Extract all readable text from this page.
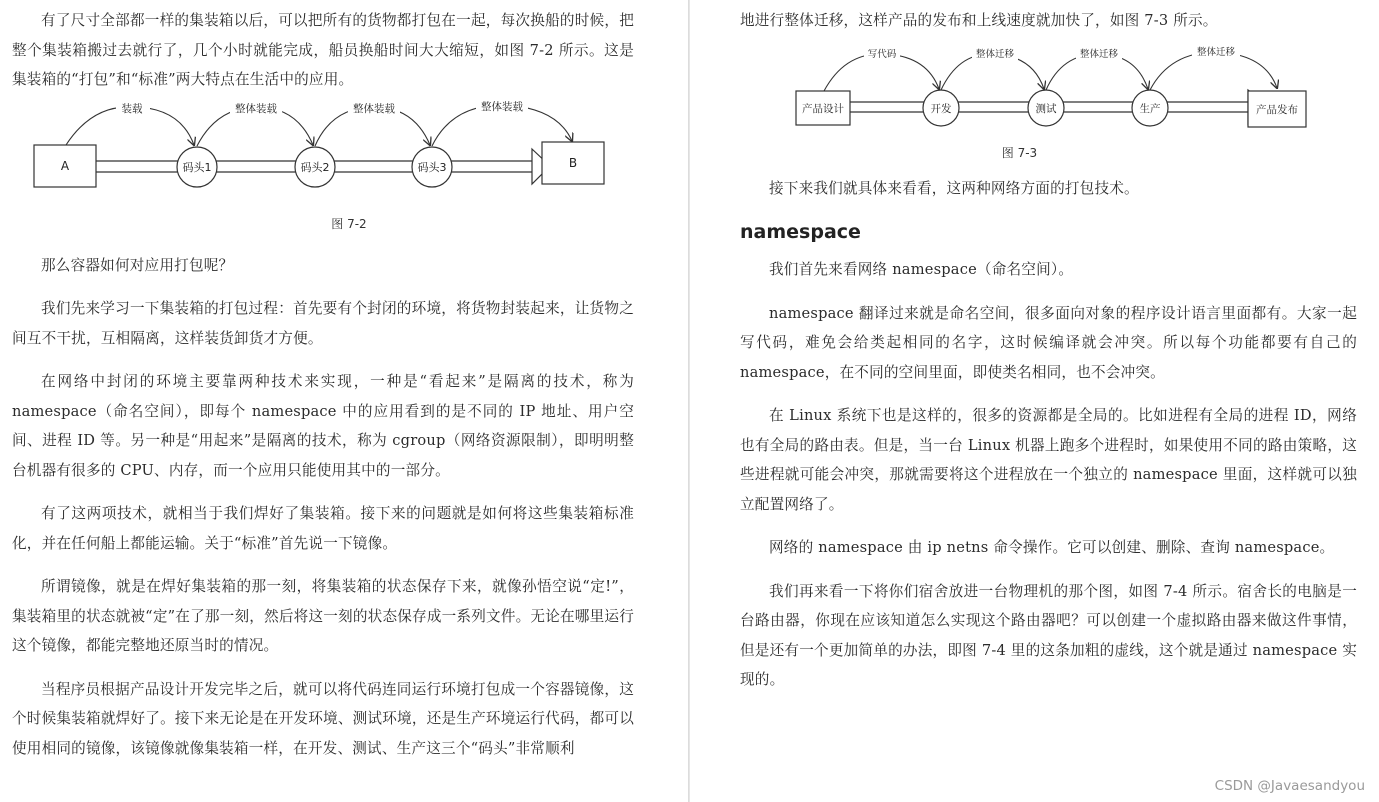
有了尺寸全部都一样的集装箱以后，可以把所有的货物都打包在一起，每次换船的时候，把整个集装箱搬过去就行了，几个小时就能完成，船员换船时间大大缩短，如图 7-2 所示。这是集装箱的“打包”和“标准”两大特点在生活中的应用。

A	B
码头1	码头2	码头3
装载	整体装载	整体装载	整体装载
图 7-2

那么容器如何对应用打包呢？

我们先来学习一下集装箱的打包过程：首先要有个封闭的环境，将货物封装起来，让货物之间互不干扰，互相隔离，这样装货卸货才方便。

在网络中封闭的环境主要靠两种技术来实现，一种是“看起来”是隔离的技术，称为 namespace（命名空间），即每个 namespace 中的应用看到的是不同的 IP 地址、用户空间、进程 ID 等。另一种是“用起来”是隔离的技术，称为 cgroup（网络资源限制），即明明整台机器有很多的 CPU、内存，而一个应用只能使用其中的一部分。

有了这两项技术，就相当于我们焊好了集装箱。接下来的问题就是如何将这些集装箱标准化，并在任何船上都能运输。关于“标准”首先说一下镜像。

所谓镜像，就是在焊好集装箱的那一刻，将集装箱的状态保存下来，就像孙悟空说“定!”，集装箱里的状态就被“定”在了那一刻，然后将这一刻的状态保存成一系列文件。无论在哪里运行这个镜像，都能完整地还原当时的情况。

当程序员根据产品设计开发完毕之后，就可以将代码连同运行环境打包成一个容器镜像，这个时候集装箱就焊好了。接下来无论是在开发环境、测试环境，还是生产环境运行代码，都可以使用相同的镜像，该镜像就像集装箱一样，在开发、测试、生产这三个“码头”非常顺利

地进行整体迁移，这样产品的发布和上线速度就加快了，如图 7-3 所示。

产品设计	产品发布
开发	测试	生产
写代码	整体迁移	整体迁移	整体迁移
图 7-3

接下来我们就具体来看看，这两种网络方面的打包技术。

namespace

我们首先来看网络 namespace（命名空间）。

namespace 翻译过来就是命名空间，很多面向对象的程序设计语言里面都有。大家一起写代码，难免会给类起相同的名字，这时候编译就会冲突。所以每个功能都要有自己的 namespace，在不同的空间里面，即使类名相同，也不会冲突。

在 Linux 系统下也是这样的，很多的资源都是全局的。比如进程有全局的进程 ID，网络也有全局的路由表。但是，当一台 Linux 机器上跑多个进程时，如果使用不同的路由策略，这些进程就可能会冲突，那就需要将这个进程放在一个独立的 namespace 里面，这样就可以独立配置网络了。

网络的 namespace 由 ip netns 命令操作。它可以创建、删除、查询 namespace。

我们再来看一下将你们宿舍放进一台物理机的那个图，如图 7-4 所示。宿舍长的电脑是一台路由器，你现在应该知道怎么实现这个路由器吧？可以创建一个虚拟路由器来做这件事情，但是还有一个更加简单的办法，即图 7-4 里的这条加粗的虚线，这个就是通过 namespace 实现的。

CSDN @Javaesandyou
